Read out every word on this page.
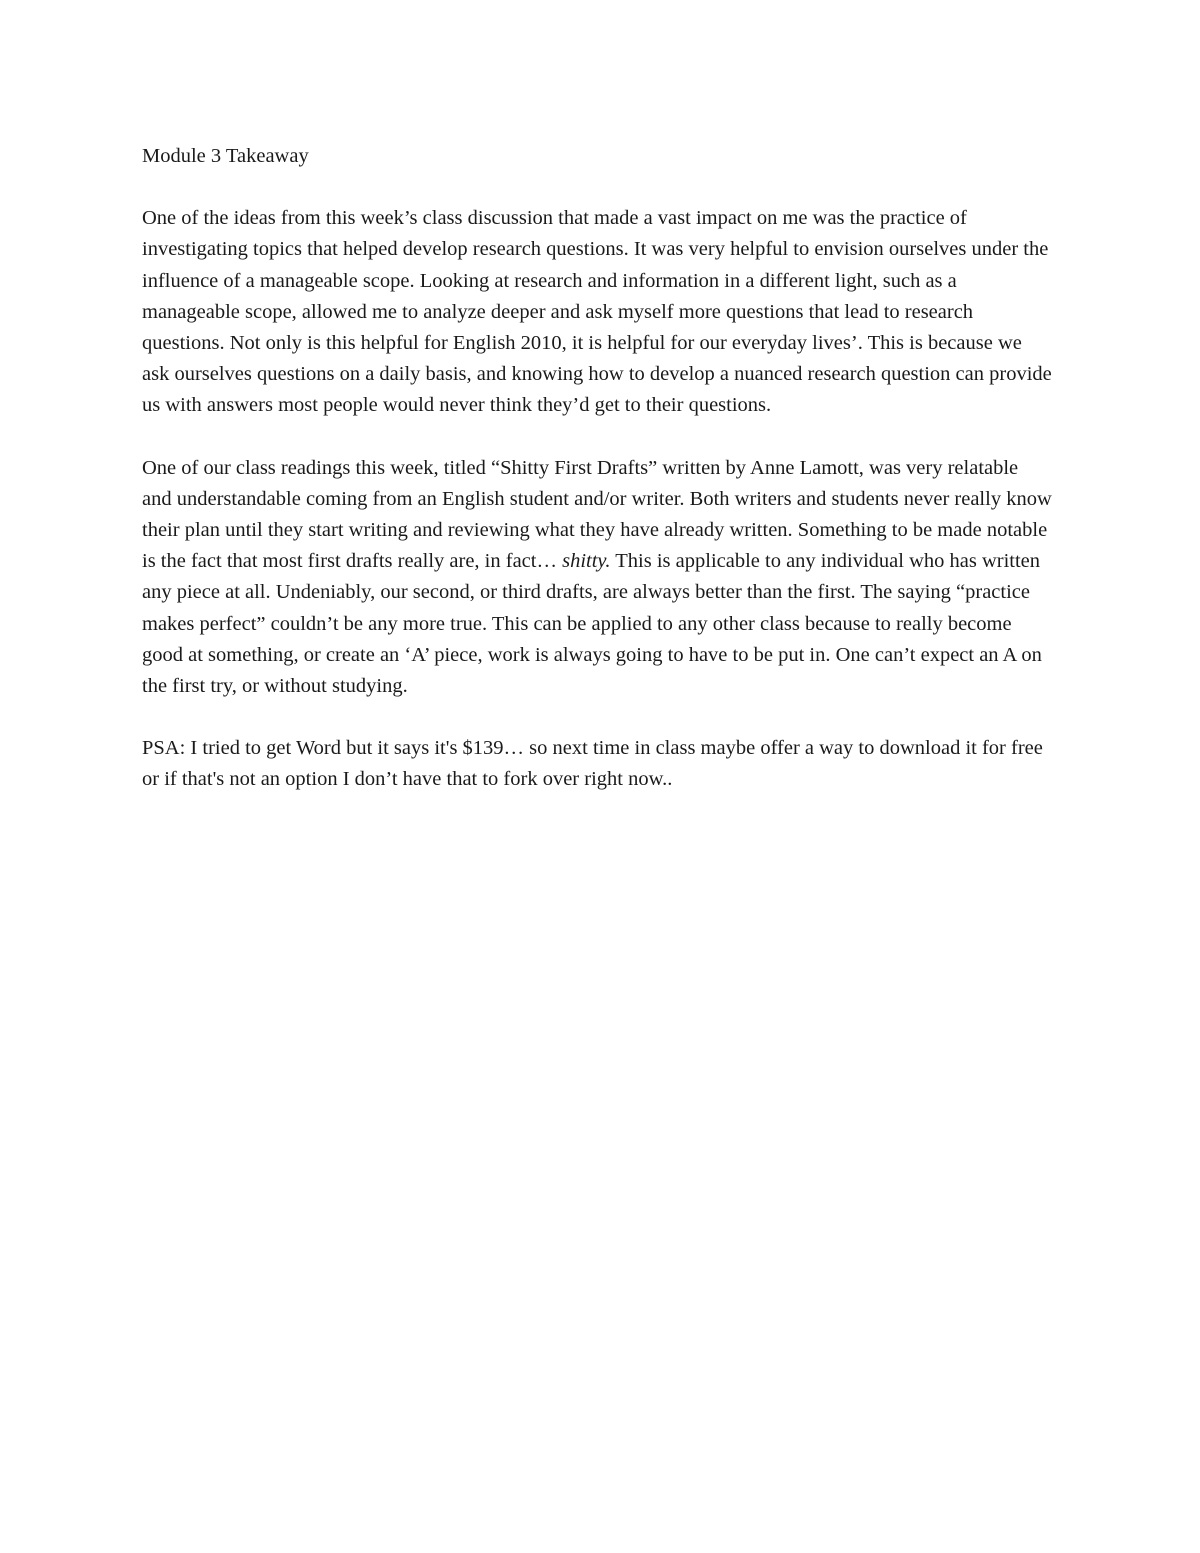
Module 3 Takeaway

One of the ideas from this week’s class discussion that made a vast impact on me was the practice of investigating topics that helped develop research questions. It was very helpful to envision ourselves under the influence of a manageable scope. Looking at research and information in a different light, such as a manageable scope, allowed me to analyze deeper and ask myself more questions that lead to research questions. Not only is this helpful for English 2010, it is helpful for our everyday lives’. This is because we ask ourselves questions on a daily basis, and knowing how to develop a nuanced research question can provide us with answers most people would never think they’d get to their questions.

One of our class readings this week, titled “Shitty First Drafts” written by Anne Lamott, was very relatable and understandable coming from an English student and/or writer. Both writers and students never really know their plan until they start writing and reviewing what they have already written. Something to be made notable is the fact that most first drafts really are, in fact… shitty. This is applicable to any individual who has written any piece at all. Undeniably, our second, or third drafts, are always better than the first. The saying “practice makes perfect” couldn’t be any more true. This can be applied to any other class because to really become good at something, or create an ‘A’ piece, work is always going to have to be put in. One can’t expect an A on the first try, or without studying.

PSA: I tried to get Word but it says it's $139… so next time in class maybe offer a way to download it for free or if that's not an option I don’t have that to fork over right now..
